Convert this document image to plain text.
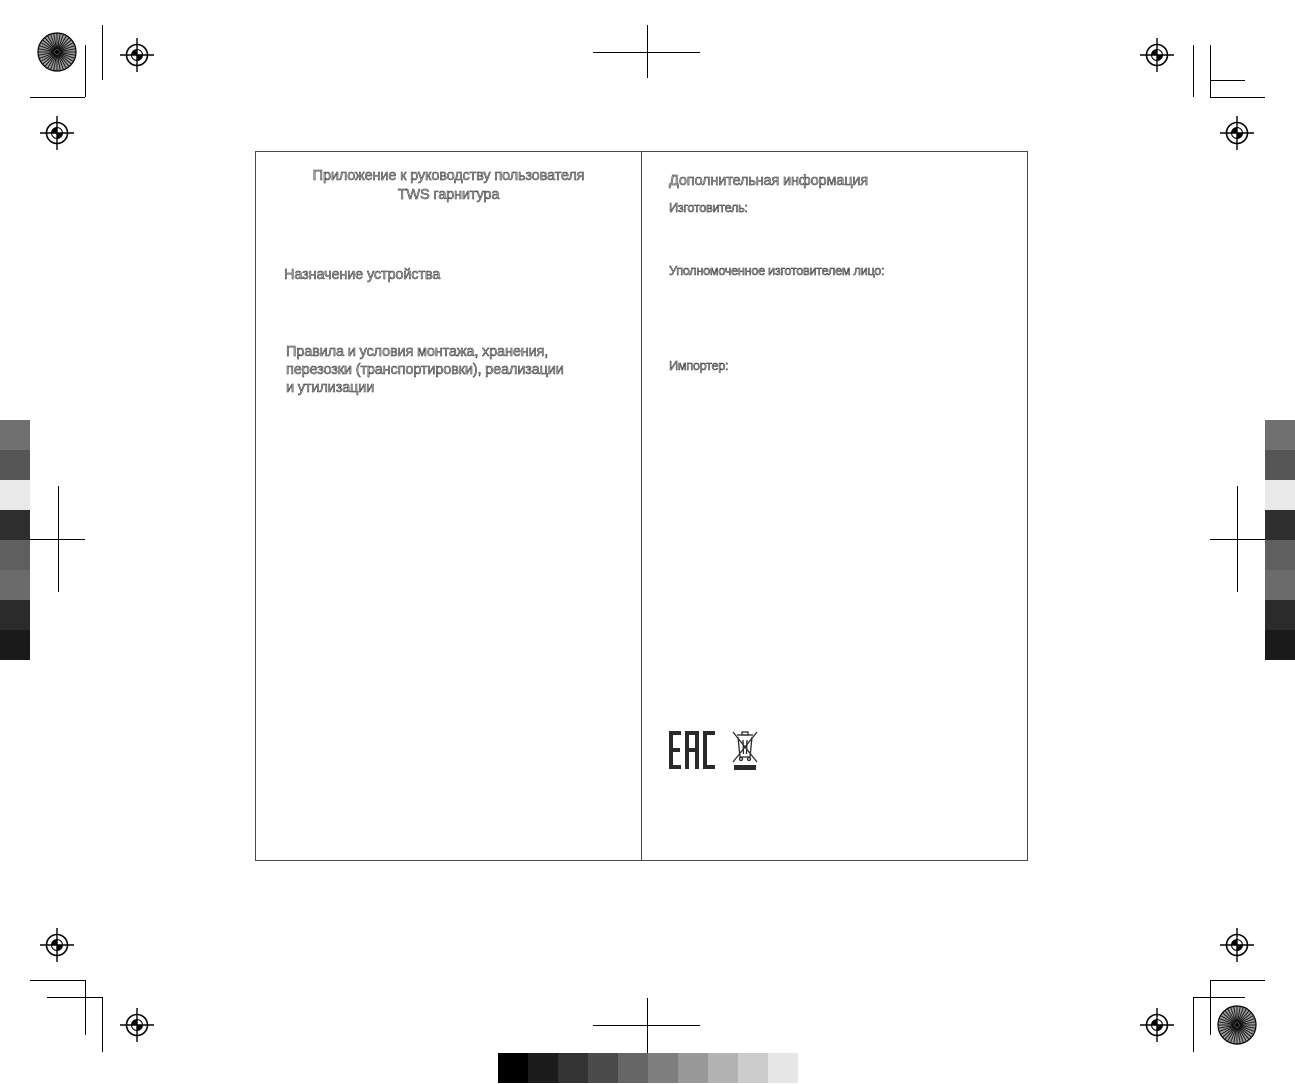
Приложение к руководству пользователя
TWS гарнитура
Назначение устройства
Правила и условия монтажа, хранения,
перезозки (транспортировки), реализации
и утилизации
Дополнительная информация
Изготовитель:
Уполномоченное изготовителем лицо:
Импортер:
